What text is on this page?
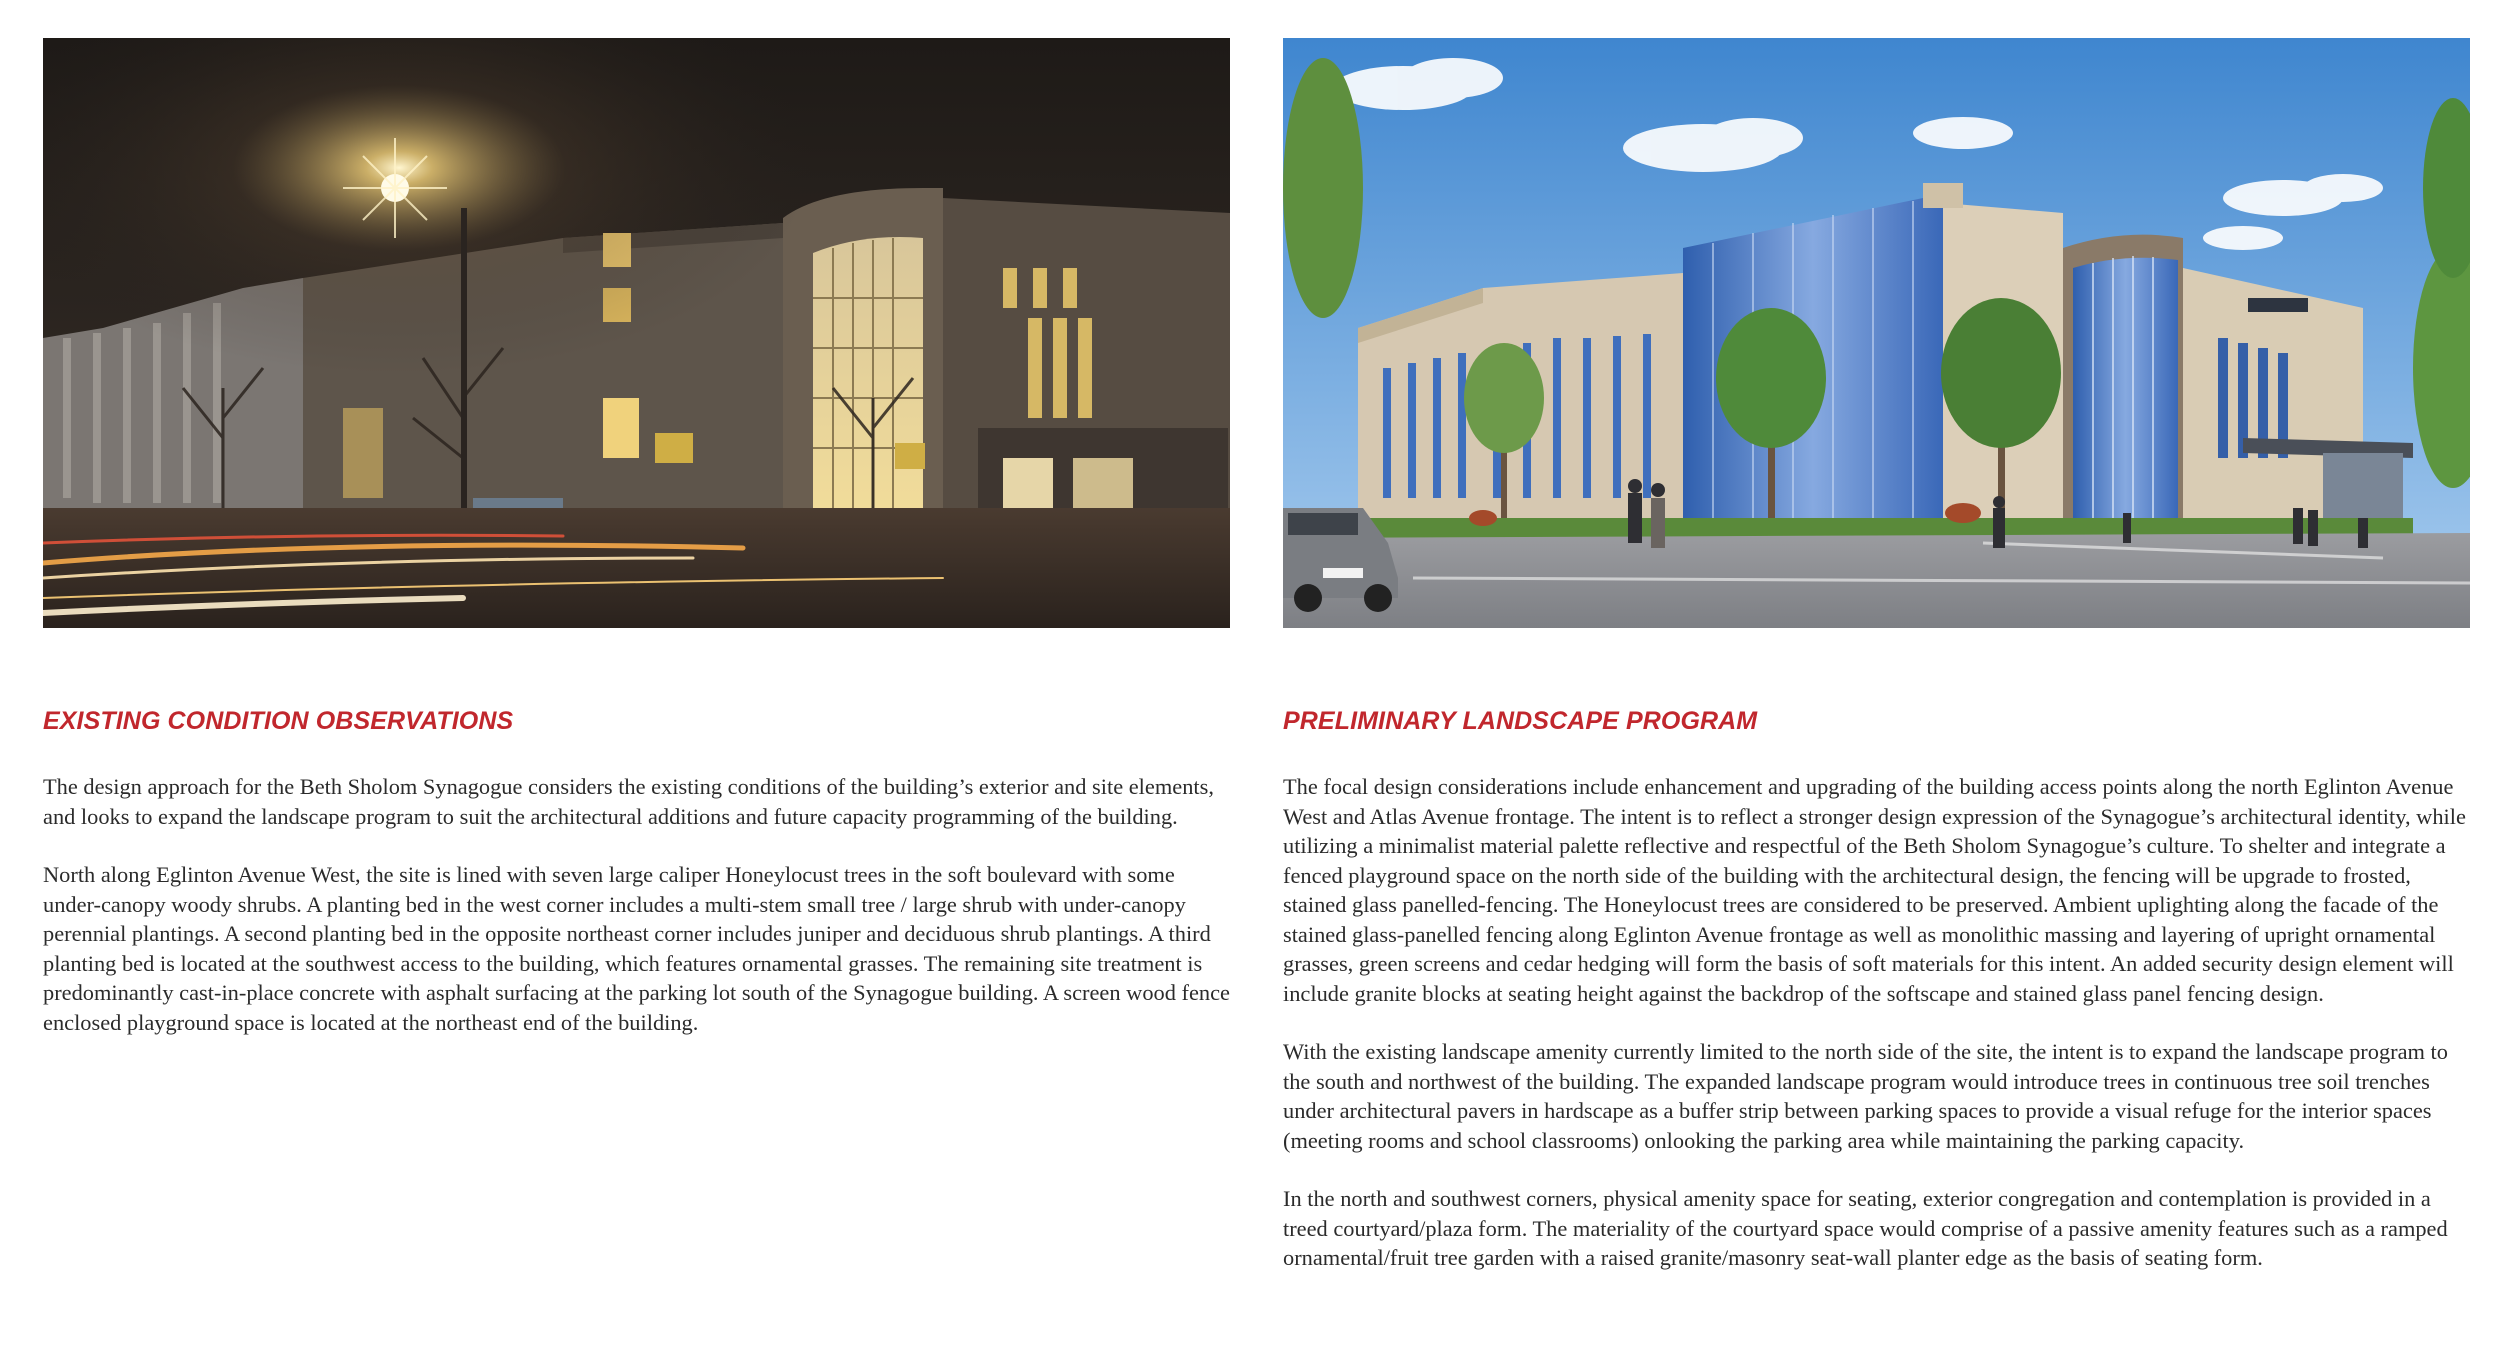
EXISTING CONDITION OBSERVATIONS

The design approach for the Beth Sholom Synagogue considers the existing conditions of the building’s exterior and site elements, and looks to expand the landscape program to suit the architectural additions and future capacity programming of the building.

North along Eglinton Avenue West, the site is lined with seven large caliper Honeylocust trees in the soft boulevard with some under-canopy woody shrubs. A planting bed in the west corner includes a multi-stem small tree / large shrub with under-canopy perennial plantings. A second planting bed in the opposite northeast corner includes juniper and deciduous shrub plantings. A third planting bed is located at the southwest access to the building, which features ornamental grasses. The remaining site treatment is predominantly cast-in-place concrete with asphalt surfacing at the parking lot south of the Synagogue building. A screen wood fence enclosed playground space is located at the northeast end of the building.

PRELIMINARY LANDSCAPE PROGRAM

The focal design considerations include enhancement and upgrading of the building access points along the north Eglinton Avenue West and Atlas Avenue frontage. The intent is to reflect a stronger design expression of the Synagogue’s architectural identity, while utilizing a minimalist material palette reflective and respectful of the Beth Sholom Synagogue’s culture. To shelter and integrate a fenced playground space on the north side of the building with the architectural design, the fencing will be upgrade to frosted, stained glass panelled-fencing. The Honeylocust trees are considered to be preserved. Ambient uplighting along the facade of the stained glass-panelled fencing along Eglinton Avenue frontage as well as monolithic massing and layering of upright ornamental grasses, green screens and cedar hedging will form the basis of soft materials for this intent. An added security design element will include granite blocks at seating height against the backdrop of the softscape and stained glass panel fencing design.

With the existing landscape amenity currently limited to the north side of the site, the intent is to expand the landscape program to the south and northwest of the building. The expanded landscape program would introduce trees in continuous tree soil trenches under architectural pavers in hardscape as a buffer strip between parking spaces to provide a visual refuge for the interior spaces (meeting rooms and school classrooms) onlooking the parking area while maintaining the parking capacity.

In the north and southwest corners, physical amenity space for seating, exterior congregation and contemplation is provided in a treed courtyard/plaza form. The materiality of the courtyard space would comprise of a passive amenity features such as a ramped ornamental/fruit tree garden with a raised granite/masonry seat-wall planter edge as the basis of seating form.
